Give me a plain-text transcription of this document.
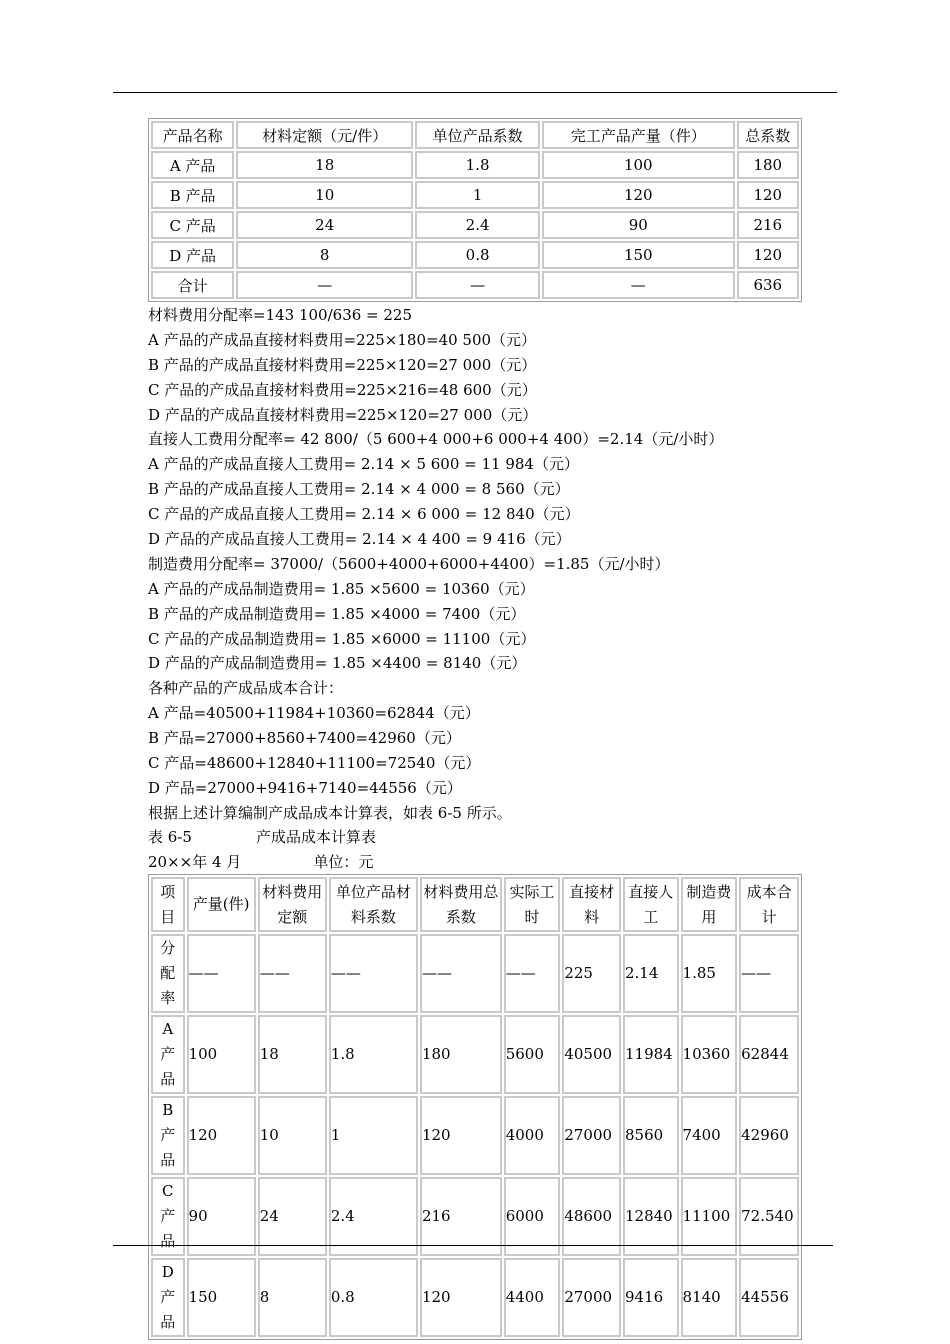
产品名称	材料定额（元/件）	单位产品系数	完工产品产量（件）	总系数
A 产品	18	1.8	100	180
B 产品	10	1	120	120
C 产品	24	2.4	90	216
D 产品	8	0.8	150	120
合计	—	—	—	636
材料费用分配率=143 100/636 = 225
A 产品的产成品直接材料费用=225×180=40 500（元）
B 产品的产成品直接材料费用=225×120=27 000（元）
C 产品的产成品直接材料费用=225×216=48 600（元）
D 产品的产成品直接材料费用=225×120=27 000（元）
直接人工费用分配率= 42 800/（5 600+4 000+6 000+4 400）=2.14（元/小时）
A 产品的产成品直接人工费用= 2.14 × 5 600 = 11 984（元）
B 产品的产成品直接人工费用= 2.14 × 4 000 = 8 560（元）
C 产品的产成品直接人工费用= 2.14 × 6 000 = 12 840（元）
D 产品的产成品直接人工费用= 2.14 × 4 400 = 9 416（元）
制造费用分配率= 37000/（5600+4000+6000+4400）=1.85（元/小时）
A 产品的产成品制造费用= 1.85 ×5600 = 10360（元）
B 产品的产成品制造费用= 1.85 ×4000 = 7400（元）
C 产品的产成品制造费用= 1.85 ×6000 = 11100（元）
D 产品的产成品制造费用= 1.85 ×4400 = 8140（元）
各种产品的产成品成本合计：
A 产品=40500+11984+10360=62844（元）
B 产品=27000+8560+7400=42960（元）
C 产品=48600+12840+11100=72540（元）
D 产品=27000+9416+7140=44556（元）
根据上述计算编制产成品成本计算表，如表 6-5 所示。
表 6-5	产成品成本计算表
20××年 4 月	单位：元
项目	产量(件)	材料费用定额	单位产品材料系数	材料费用总系数	实际工时	直接材料	直接人工	制造费用	成本合计
分配率	——	——	——	——	——	225	2.14	1.85	——
A 产品	100	18	1.8	180	5600	40500	11984	10360	62844
B 产品	120	10	1	120	4000	27000	8560	7400	42960
C 产品	90	24	2.4	216	6000	48600	12840	11100	72.540
D 产品	150	8	0.8	120	4400	27000	9416	8140	44556
